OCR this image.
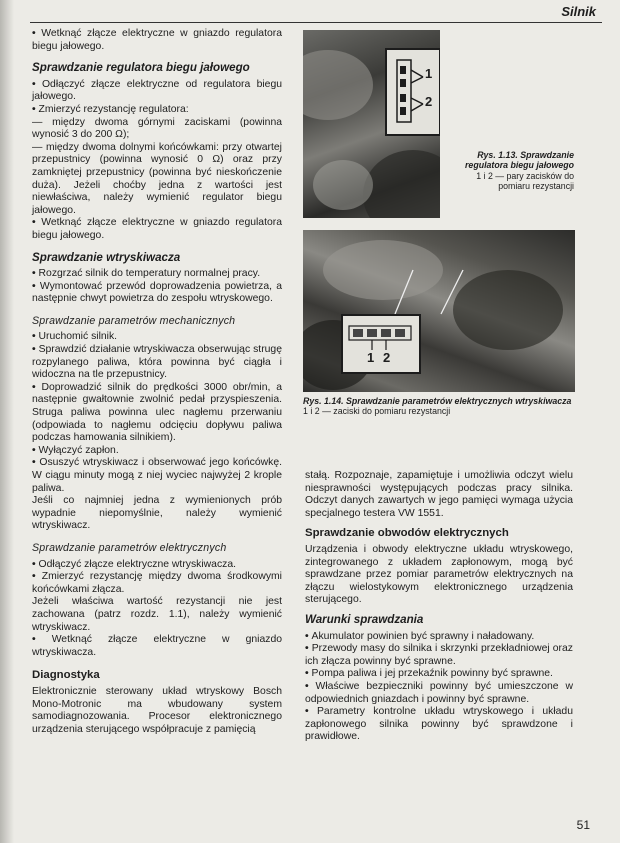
Silnik

• Wetknąć złącze elektryczne w gniazdo regulatora biegu jałowego.

Sprawdzanie regulatora biegu jałowego

• Odłączyć złącze elektryczne od regulatora biegu jałowego.

• Zmierzyć rezystancję regulatora:

— między dwoma górnymi zaciskami (powinna wynosić 3 do 200 Ω);

— między dwoma dolnymi końcówkami: przy otwartej przepustnicy (powinna wynosić 0 Ω) oraz przy zamkniętej przepustnicy (powinna być nieskończenie duża). Jeżeli choćby jedna z wartości jest niewłaściwa, należy wymienić regulator biegu jałowego.

• Wetknąć złącze elektryczne w gniazdo regulatora biegu jałowego.

Sprawdzanie wtryskiwacza

• Rozgrzać silnik do temperatury normalnej pracy.

• Wymontować przewód doprowadzenia powietrza, a następnie chwyt powietrza do zespołu wtryskowego.

Sprawdzanie parametrów mechanicznych

• Uruchomić silnik.

• Sprawdzić działanie wtryskiwacza obserwując strugę rozpylanego paliwa, która powinna być ciągła i widoczna na tle przepustnicy.

• Doprowadzić silnik do prędkości 3000 obr/min, a następnie gwałtownie zwolnić pedał przyspieszenia. Struga paliwa powinna ulec nagłemu przerwaniu (odpowiada to nagłemu odcięciu dopływu paliwa podczas hamowania silnikiem).

• Wyłączyć zapłon.

• Osuszyć wtryskiwacz i obserwować jego końcówkę. W ciągu minuty mogą z niej wyciec najwyżej 2 krople paliwa.

Jeśli co najmniej jedna z wymienionych prób wypadnie niepomyślnie, należy wymienić wtryskiwacz.

Sprawdzanie parametrów elektrycznych

• Odłączyć złącze elektryczne wtryskiwacza.

• Zmierzyć rezystancję między dwoma środkowymi końcówkami złącza.

Jeżeli właściwa wartość rezystancji nie jest zachowana (patrz rozdz. 1.1), należy wymienić wtryskiwacz.

• Wetknąć złącze elektryczne w gniazdo wtryskiwacza.

Diagnostyka

Elektronicznie sterowany układ wtryskowy Bosch Mono-Motronic ma wbudowany system samodiagnozowania. Procesor elektronicznego urządzenia sterującego współpracuje z pamięcią

1
2
Rys. 1.13. Sprawdzanie regulatora biegu jałowego
1 i 2 — pary zacisków do pomiaru rezystancji
1 2
Rys. 1.14. Sprawdzanie parametrów elektrycznych wtryskiwacza
1 i 2 — zaciski do pomiaru rezystancji

stałą. Rozpoznaje, zapamiętuje i umożliwia odczyt wielu niesprawności występujących podczas pracy silnika. Odczyt danych zawartych w jego pamięci wymaga użycia specjalnego testera VW 1551.

Sprawdzanie obwodów elektrycznych

Urządzenia i obwody elektryczne układu wtryskowego, zintegrowanego z układem zapłonowym, mogą być sprawdzane przez pomiar parametrów elektrycznych na złączu wielostykowym elektronicznego urządzenia sterującego.

Warunki sprawdzania

• Akumulator powinien być sprawny i naładowany.

• Przewody masy do silnika i skrzynki przekładniowej oraz ich złącza powinny być sprawne.

• Pompa paliwa i jej przekaźnik powinny być sprawne.

• Właściwe bezpieczniki powinny być umieszczone w odpowiednich gniazdach i powinny być sprawne.

• Parametry kontrolne układu wtryskowego i układu zapłonowego silnika powinny być sprawdzone i prawidłowe.

51
